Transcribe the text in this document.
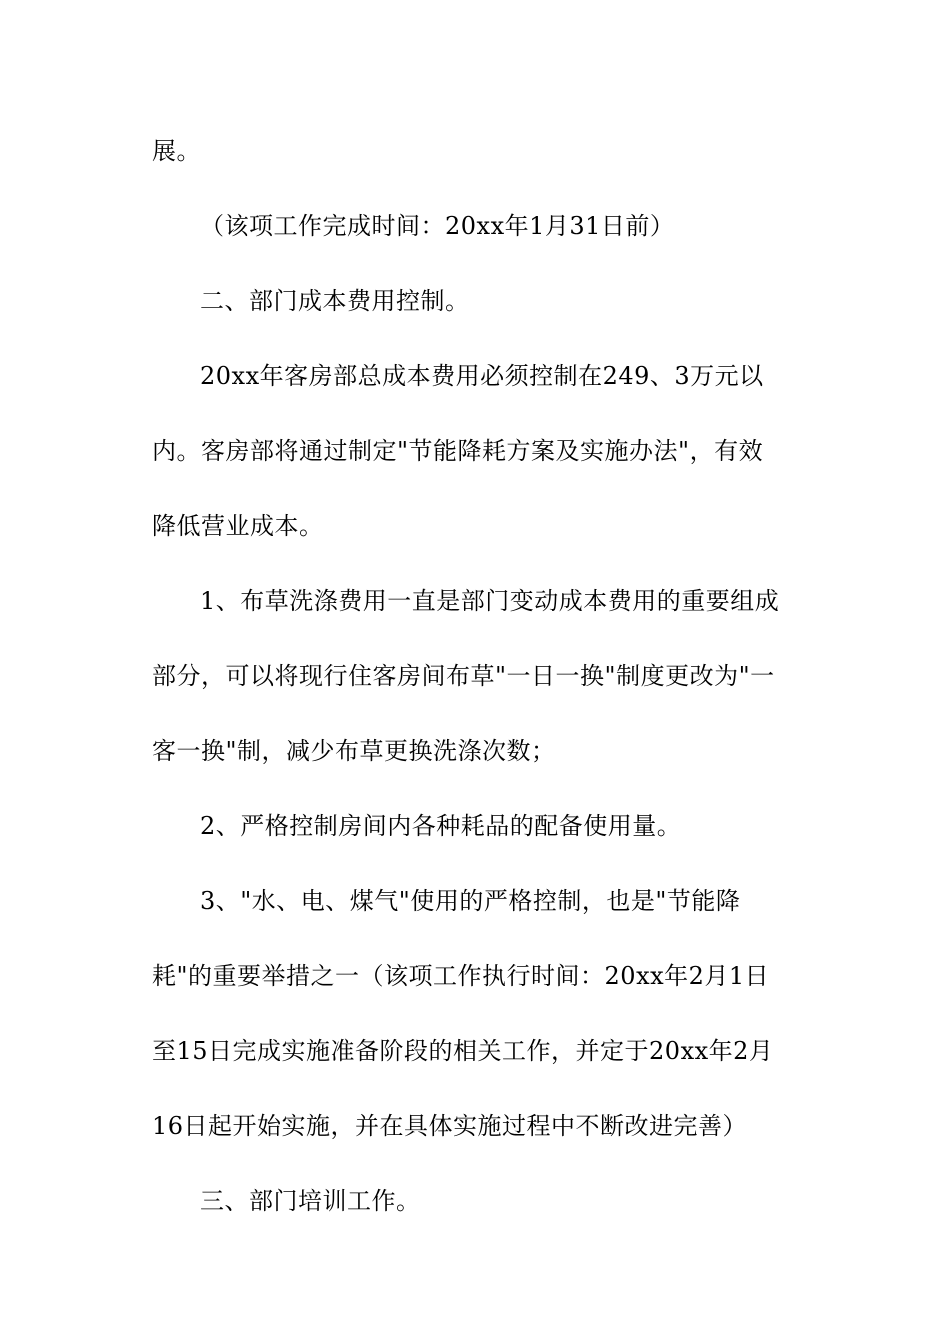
展。
（该项工作完成时间：20xx年1月31日前）
二、部门成本费用控制。
20xx年客房部总成本费用必须控制在249、3万元以
内。客房部将通过制定"节能降耗方案及实施办法"，有效
降低营业成本。
1、布草洗涤费用一直是部门变动成本费用的重要组成
部分，可以将现行住客房间布草"一日一换"制度更改为"一
客一换"制，减少布草更换洗涤次数；
2、严格控制房间内各种耗品的配备使用量。
3、"水、电、煤气"使用的严格控制，也是"节能降
耗"的重要举措之一（该项工作执行时间：20xx年2月1日
至15日完成实施准备阶段的相关工作，并定于20xx年2月
16日起开始实施，并在具体实施过程中不断改进完善）
三、部门培训工作。
